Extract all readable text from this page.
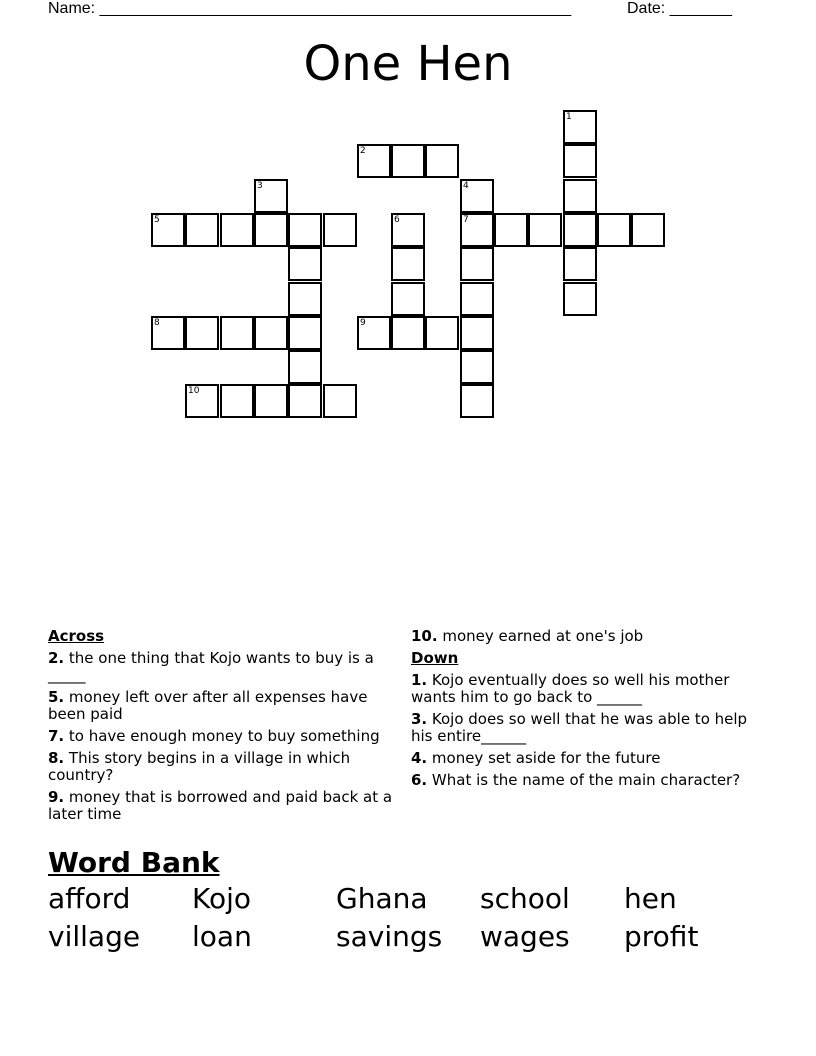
Name: _____________________________________________________	Date: _______
One Hen
1
2
3	4
5	6	7
8	9
10
Across
2. the one thing that Kojo wants to buy is a _____
5. money left over after all expenses have been paid
7. to have enough money to buy something
8. This story begins in a village in which country?
9. money that is borrowed and paid back at a later time
10. money earned at one's job
Down
1. Kojo eventually does so well his mother wants him to go back to ______
3. Kojo does so well that he was able to help his entire______
4. money set aside for the future
6. What is the name of the main character?
Word Bank
afford	Kojo	Ghana	school	hen
village	loan	savings	wages	profit
